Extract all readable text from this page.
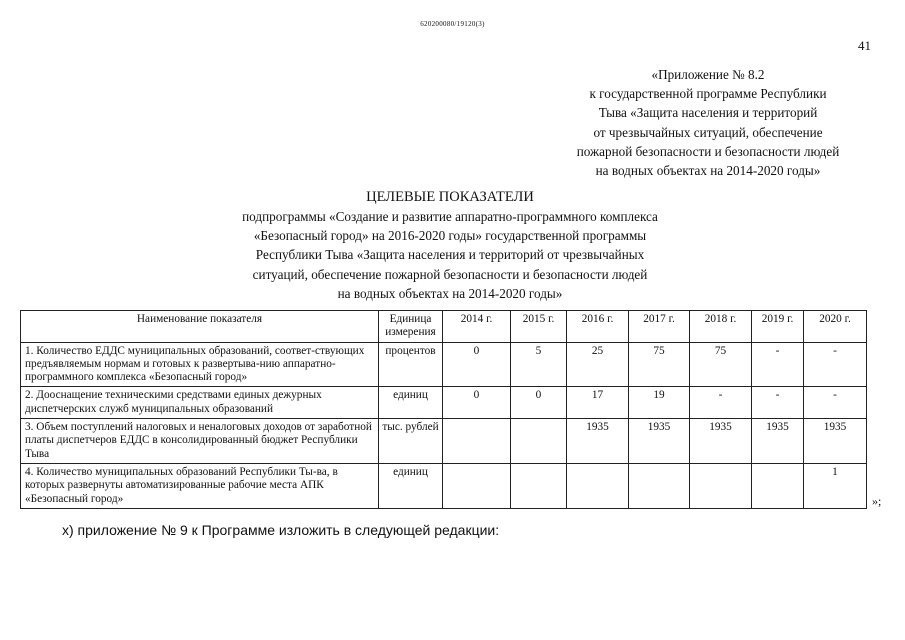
620200080/19120(3)
41
«Приложение № 8.2
к государственной программе Республики
Тыва «Защита населения и территорий
от чрезвычайных ситуаций, обеспечение
пожарной безопасности и безопасности людей
на водных объектах на 2014-2020 годы»
ЦЕЛЕВЫЕ ПОКАЗАТЕЛИ
подпрограммы «Создание и развитие аппаратно-программного комплекса
«Безопасный город» на 2016-2020 годы» государственной программы
Республики Тыва «Защита населения и территорий от чрезвычайных
ситуаций, обеспечение пожарной безопасности и безопасности людей
на водных объектах на 2014-2020 годы»
Наименование показателя	Единица измерения	2014 г.	2015 г.	2016 г.	2017 г.	2018 г.	2019 г.	2020 г.
1. Количество ЕДДС муниципальных образований, соответ-ствующих предъявляемым нормам и готовых к развертыва-нию аппаратно-программного комплекса «Безопасный город»	процентов	0	5	25	75	75	-	-
2. Дооснащение техническими средствами единых дежурных диспетчерских служб муниципальных образований	единиц	0	0	17	19	-	-	-
3. Объем поступлений налоговых и неналоговых доходов от заработной платы диспетчеров ЕДДС в консолидированный бюджет Республики Тыва	тыс. рублей			1935	1935	1935	1935	1935
4. Количество муниципальных образований Республики Ты-ва, в которых развернуты автоматизированные рабочие места АПК «Безопасный город»	единиц							1
»;
х) приложение № 9 к Программе изложить в следующей редакции:
